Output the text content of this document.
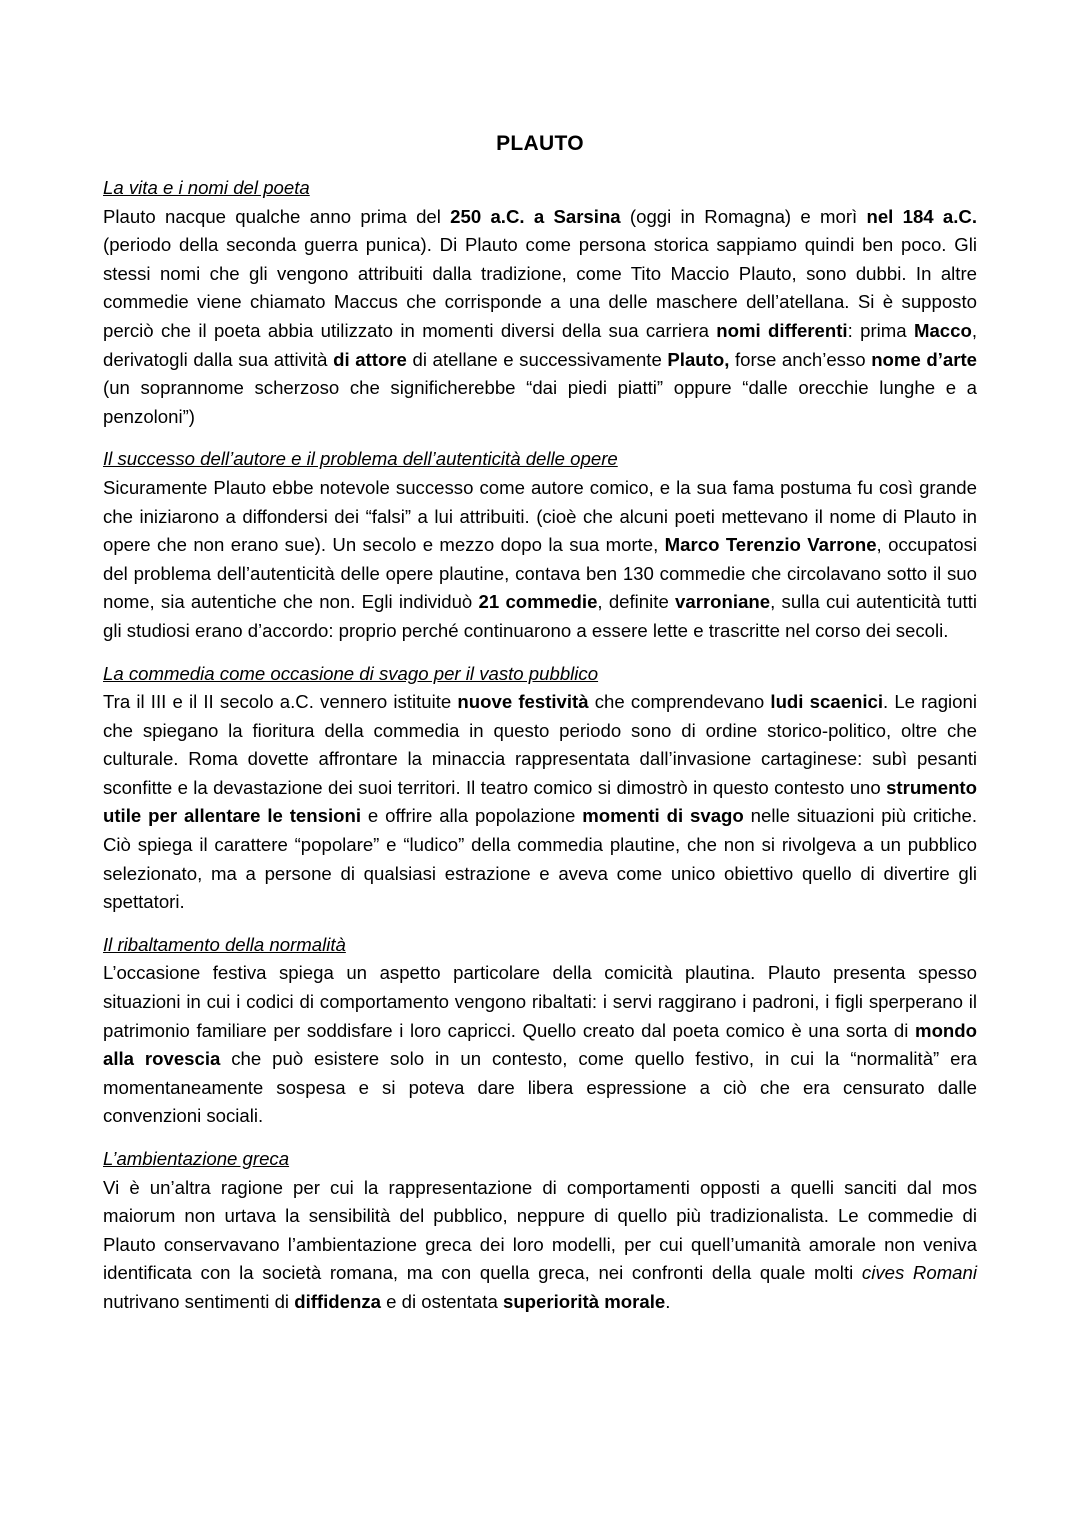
PLAUTO

La vita e i nomi del poeta

Plauto nacque qualche anno prima del 250 a.C. a Sarsina (oggi in Romagna) e morì nel 184 a.C. (periodo della seconda guerra punica). Di Plauto come persona storica sappiamo quindi ben poco. Gli stessi nomi che gli vengono attribuiti dalla tradizione, come Tito Maccio Plauto, sono dubbi. In altre commedie viene chiamato Maccus che corrisponde a una delle maschere dell’atellana. Si è supposto perciò che il poeta abbia utilizzato in momenti diversi della sua carriera nomi differenti: prima Macco, derivatogli dalla sua attività di attore di atellane e successivamente Plauto, forse anch’esso nome d’arte (un soprannome scherzoso che significherebbe “dai piedi piatti” oppure “dalle orecchie lunghe e a penzoloni”)

Il successo dell’autore e il problema dell’autenticità delle opere

Sicuramente Plauto ebbe notevole successo come autore comico, e la sua fama postuma fu così grande che iniziarono a diffondersi dei “falsi” a lui attribuiti. (cioè che alcuni poeti mettevano il nome di Plauto in opere che non erano sue). Un secolo e mezzo dopo la sua morte, Marco Terenzio Varrone, occupatosi del problema dell’autenticità delle opere plautine, contava ben 130 commedie che circolavano sotto il suo nome, sia autentiche che non. Egli individuò 21 commedie, definite varroniane, sulla cui autenticità tutti gli studiosi erano d’accordo: proprio perché continuarono a essere lette e trascritte nel corso dei secoli.

La commedia come occasione di svago per il vasto pubblico

Tra il III e il II secolo a.C. vennero istituite nuove festività che comprendevano ludi scaenici. Le ragioni che spiegano la fioritura della commedia in questo periodo sono di ordine storico-politico, oltre che culturale. Roma dovette affrontare la minaccia rappresentata dall’invasione cartaginese: subì pesanti sconfitte e la devastazione dei suoi territori. Il teatro comico si dimostrò in questo contesto uno strumento utile per allentare le tensioni e offrire alla popolazione momenti di svago nelle situazioni più critiche. Ciò spiega il carattere “popolare” e “ludico” della commedia plautine, che non si rivolgeva a un pubblico selezionato, ma a persone di qualsiasi estrazione e aveva come unico obiettivo quello di divertire gli spettatori.

Il ribaltamento della normalità

L’occasione festiva spiega un aspetto particolare della comicità plautina. Plauto presenta spesso situazioni in cui i codici di comportamento vengono ribaltati: i servi raggirano i padroni, i figli sperperano il patrimonio familiare per soddisfare i loro capricci. Quello creato dal poeta comico è una sorta di mondo alla rovescia che può esistere solo in un contesto, come quello festivo, in cui la “normalità” era momentaneamente sospesa e si poteva dare libera espressione a ciò che era censurato dalle convenzioni sociali.

L’ambientazione greca

Vi è un’altra ragione per cui la rappresentazione di comportamenti opposti a quelli sanciti dal mos maiorum non urtava la sensibilità del pubblico, neppure di quello più tradizionalista. Le commedie di Plauto conservavano l’ambientazione greca dei loro modelli, per cui quell’umanità amorale non veniva identificata con la società romana, ma con quella greca, nei confronti della quale molti cives Romani nutrivano sentimenti di diffidenza e di ostentata superiorità morale.
